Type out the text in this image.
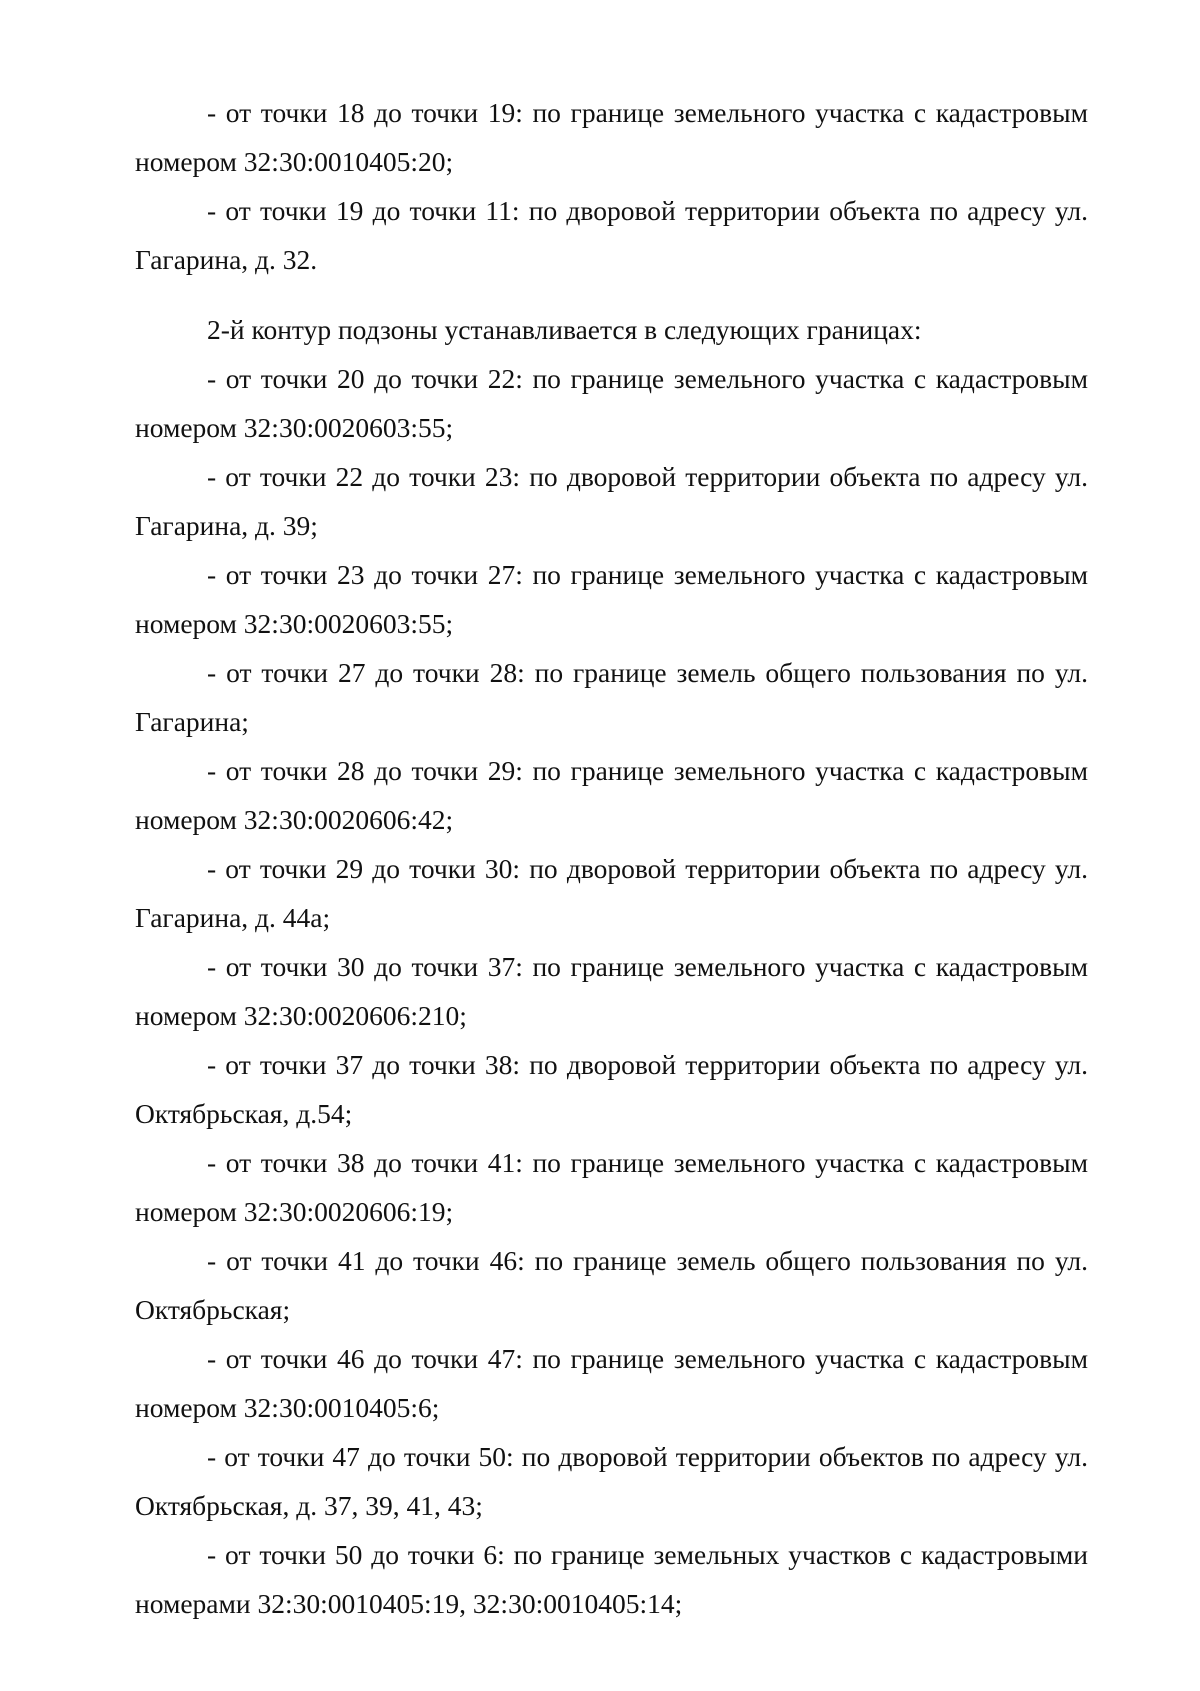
- от точки 18 до точки 19: по границе земельного участка с кадастровым номером 32:30:0010405:20;

- от точки 19 до точки 11: по дворовой территории объекта по адресу ул. Гагарина, д. 32.

2-й контур подзоны устанавливается в следующих границах:

- от точки 20 до точки 22: по границе земельного участка с кадастровым номером 32:30:0020603:55;

- от точки 22 до точки 23: по дворовой территории объекта по адресу ул. Гагарина, д. 39;

- от точки 23 до точки 27: по границе земельного участка с кадастровым номером 32:30:0020603:55;

- от точки 27 до точки 28: по границе земель общего пользования по ул. Гагарина;

- от точки 28 до точки 29: по границе земельного участка с кадастровым номером 32:30:0020606:42;

- от точки 29 до точки 30: по дворовой территории объекта по адресу ул. Гагарина, д. 44а;

- от точки 30 до точки 37: по границе земельного участка с кадастровым номером 32:30:0020606:210;

- от точки 37 до точки 38: по дворовой территории объекта по адресу ул. Октябрьская, д.54;

- от точки 38 до точки 41: по границе земельного участка с кадастровым номером 32:30:0020606:19;

- от точки 41 до точки 46: по границе земель общего пользования по ул. Октябрьская;

- от точки 46 до точки 47: по границе земельного участка с кадастровым номером 32:30:0010405:6;

- от точки 47 до точки 50: по дворовой территории объектов по адресу ул. Октябрьская, д. 37, 39, 41, 43;

- от точки 50 до точки 6: по границе земельных участков с кадастровыми номерами 32:30:0010405:19, 32:30:0010405:14;
